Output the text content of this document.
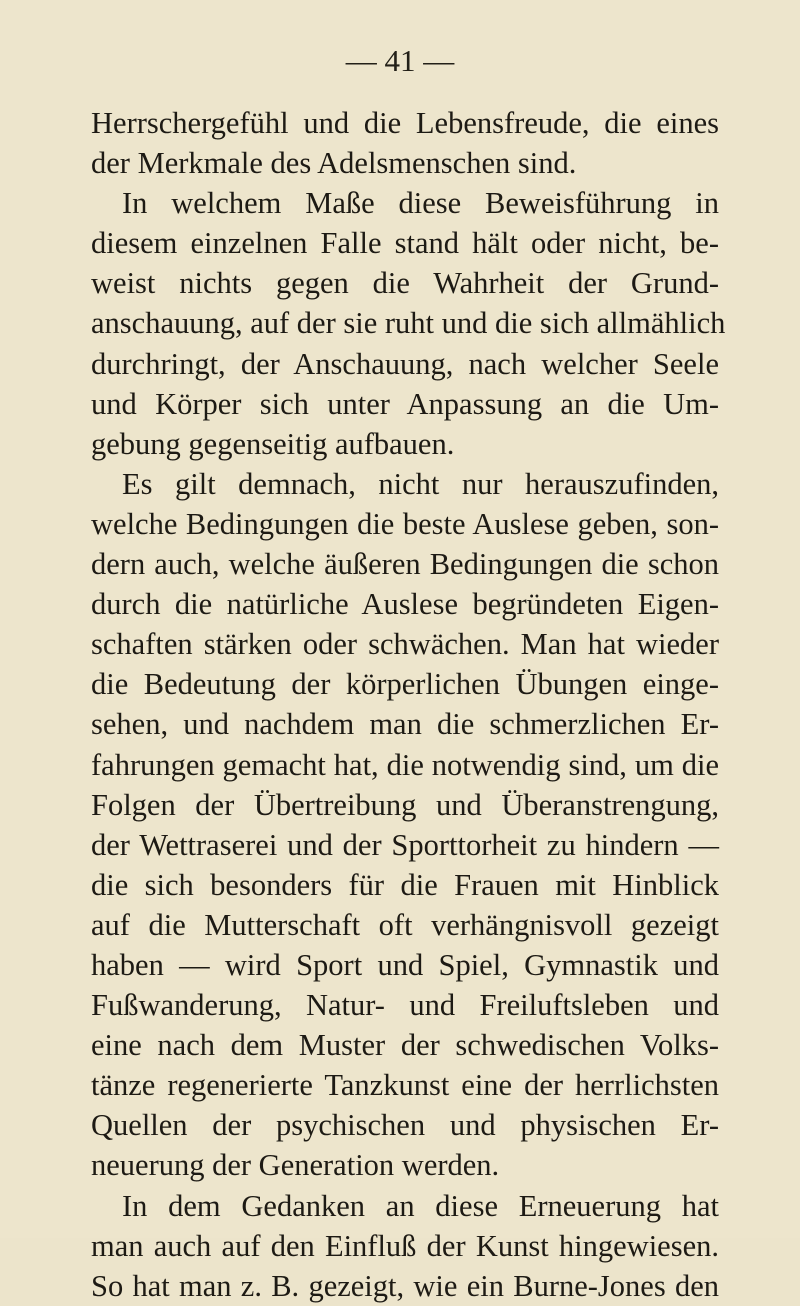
— 41 —
Herrschergefühl und die Lebensfreude, die eines
der Merkmale des Adelsmenschen sind.
In welchem Maße diese Beweisführung in
diesem einzelnen Falle stand hält oder nicht, be-
weist nichts gegen die Wahrheit der Grund-
anschauung, auf der sie ruht und die sich allmählich
durchringt, der Anschauung, nach welcher Seele
und Körper sich unter Anpassung an die Um-
gebung gegenseitig aufbauen.
Es gilt demnach, nicht nur herauszufinden,
welche Bedingungen die beste Auslese geben, son-
dern auch, welche äußeren Bedingungen die schon
durch die natürliche Auslese begründeten Eigen-
schaften stärken oder schwächen. Man hat wieder
die Bedeutung der körperlichen Übungen einge-
sehen, und nachdem man die schmerzlichen Er-
fahrungen gemacht hat, die notwendig sind, um die
Folgen der Übertreibung und Überanstrengung,
der Wettraserei und der Sporttorheit zu hindern —
die sich besonders für die Frauen mit Hinblick
auf die Mutterschaft oft verhängnisvoll gezeigt
haben — wird Sport und Spiel, Gymnastik und
Fußwanderung, Natur- und Freiluftsleben und
eine nach dem Muster der schwedischen Volks-
tänze regenerierte Tanzkunst eine der herrlichsten
Quellen der psychischen und physischen Er-
neuerung der Generation werden.
In dem Gedanken an diese Erneuerung hat
man auch auf den Einfluß der Kunst hingewiesen.
So hat man z. B. gezeigt, wie ein Burne-Jones den
